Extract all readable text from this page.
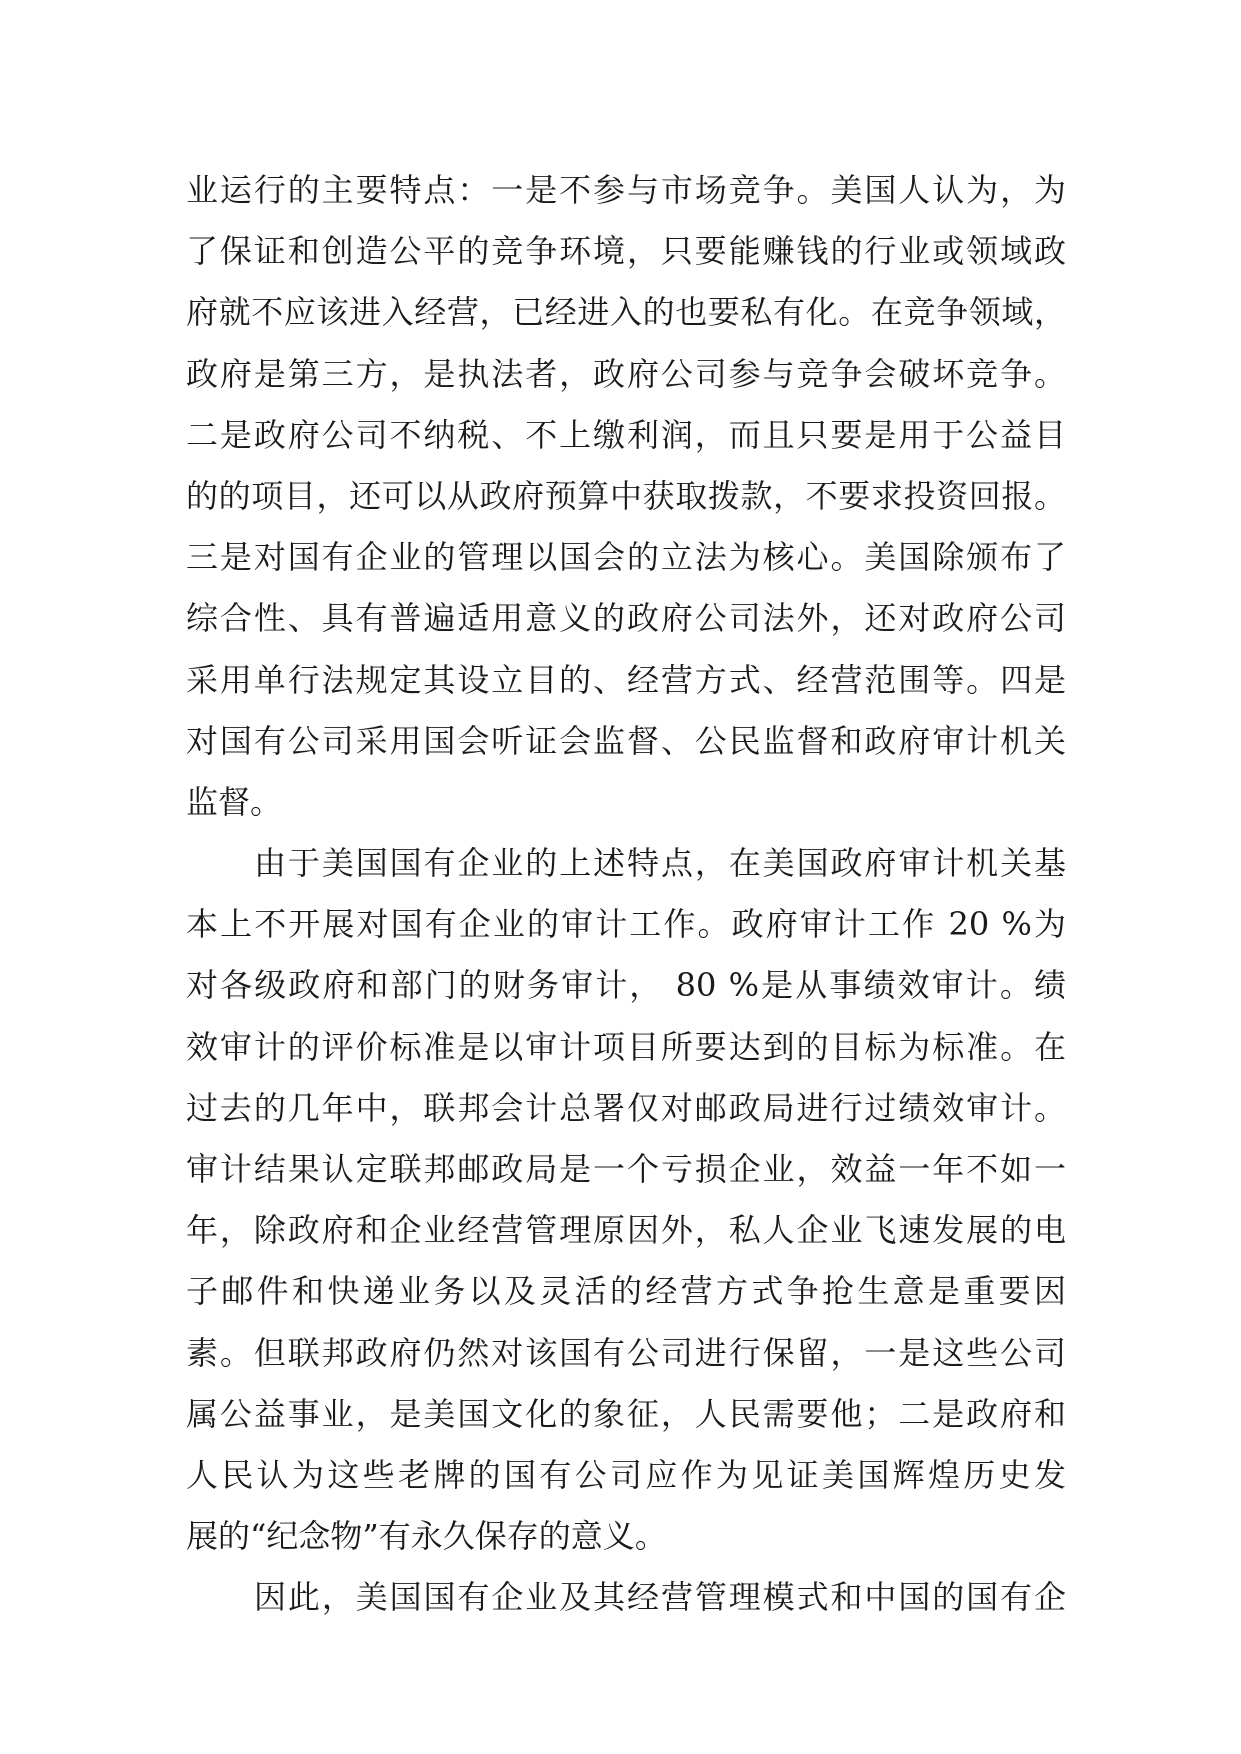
业运行的主要特点：一是不参与市场竞争。美国人认为，为
了保证和创造公平的竞争环境，只要能赚钱的行业或领域政
府就不应该进入经营，已经进入的也要私有化。在竞争领域，
政府是第三方，是执法者，政府公司参与竞争会破坏竞争。
二是政府公司不纳税、不上缴利润，而且只要是用于公益目
的的项目，还可以从政府预算中获取拨款，不要求投资回报。
三是对国有企业的管理以国会的立法为核心。美国除颁布了
综合性、具有普遍适用意义的政府公司法外，还对政府公司
采用单行法规定其设立目的、经营方式、经营范围等。四是
对国有公司采用国会听证会监督、公民监督和政府审计机关
监督。
由于美国国有企业的上述特点，在美国政府审计机关基
本上不开展对国有企业的审计工作。政府审计工作 20 %为
对各级政府和部门的财务审计， 80 %是从事绩效审计。绩
效审计的评价标准是以审计项目所要达到的目标为标准。在
过去的几年中，联邦会计总署仅对邮政局进行过绩效审计。
审计结果认定联邦邮政局是一个亏损企业，效益一年不如一
年，除政府和企业经营管理原因外，私人企业飞速发展的电
子邮件和快递业务以及灵活的经营方式争抢生意是重要因
素。但联邦政府仍然对该国有公司进行保留，一是这些公司
属公益事业，是美国文化的象征，人民需要他；二是政府和
人民认为这些老牌的国有公司应作为见证美国辉煌历史发
展的“纪念物”有永久保存的意义。
因此，美国国有企业及其经营管理模式和中国的国有企
